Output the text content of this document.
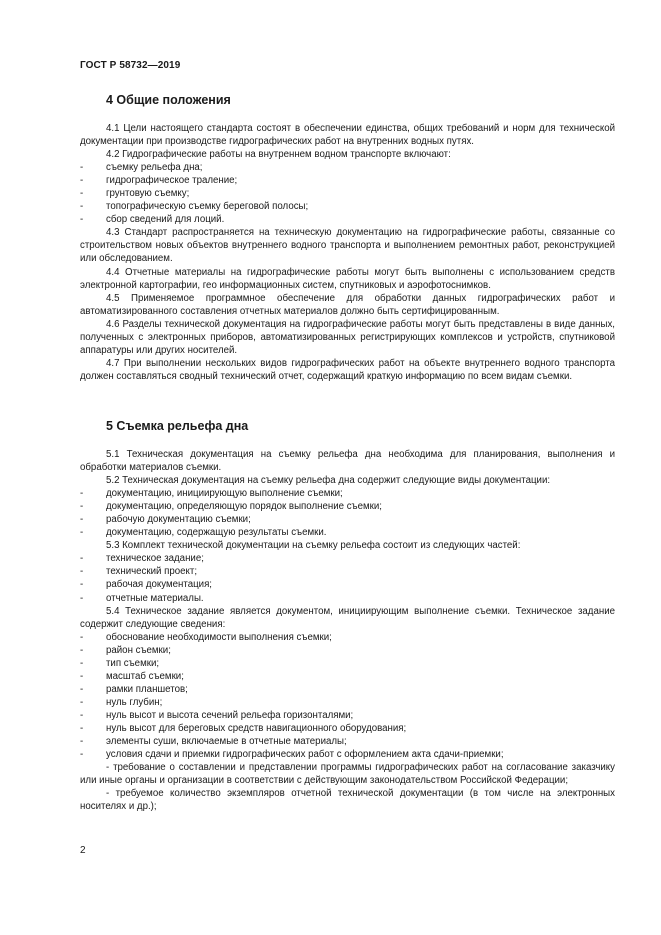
ГОСТ Р 58732—2019
4 Общие положения

4.1 Цели настоящего стандарта состоят в обеспечении единства, общих требований и норм для технической документации при производстве гидрографических работ на внутренних водных путях.

4.2 Гидрографические работы на внутреннем водном транспорте включают:

- съемку рельефа дна;
- гидрографическое траление;
- грунтовую съемку;
- топографическую съемку береговой полосы;
- сбор сведений для лоций.

4.3 Стандарт распространяется на техническую документацию на гидрографические работы, связанные со строительством новых объектов внутреннего водного транспорта и выполнением ремонтных работ, реконструкцией или обследованием.

4.4 Отчетные материалы на гидрографические работы могут быть выполнены с использованием средств электронной картографии, гео информационных систем, спутниковых и аэрофотоснимков.

4.5 Применяемое программное обеспечение для обработки данных гидрографических работ и автоматизированного составления отчетных материалов должно быть сертифицированным.

4.6 Разделы технической документация на гидрографические работы могут быть представлены в виде данных, полученных с электронных приборов, автоматизированных регистрирующих комплексов и устройств, спутниковой аппаратуры или других носителей.

4.7 При выполнении нескольких видов гидрографических работ на объекте внутреннего водного транспорта должен составляться сводный технический отчет, содержащий краткую информацию по всем видам съемки.

5 Съемка рельефа дна

5.1 Техническая документация на съемку рельефа дна необходима для планирования, выполнения и обработки материалов съемки.

5.2 Техническая документация на съемку рельефа дна содержит следующие виды документации:

- документацию, инициирующую выполнение съемки;
- документацию, определяющую порядок выполнение съемки;
- рабочую документацию съемки;
- документацию, содержащую результаты съемки.

5.3 Комплект технической документации на съемку рельефа состоит из следующих частей:

- техническое задание;
- технический проект;
- рабочая документация;
- отчетные материалы.

5.4 Техническое задание является документом, инициирующим выполнение съемки. Техническое задание содержит следующие сведения:

- обоснование необходимости выполнения съемки;
- район съемки;
- тип съемки;
- масштаб съемки;
- рамки планшетов;
- нуль глубин;
- нуль высот и высота сечений рельефа горизонталями;
- нуль высот для береговых средств навигационного оборудования;
- элементы суши, включаемые в отчетные материалы;
- условия сдачи и приемки гидрографических работ с оформлением акта сдачи-приемки;
- требование о составлении и представлении программы гидрографических работ на согласование заказчику или иные органы и организации в соответствии с действующим законодательством Российской Федерации;
- требуемое количество экземпляров отчетной технической документации (в том числе на электронных носителях и др.);
2
